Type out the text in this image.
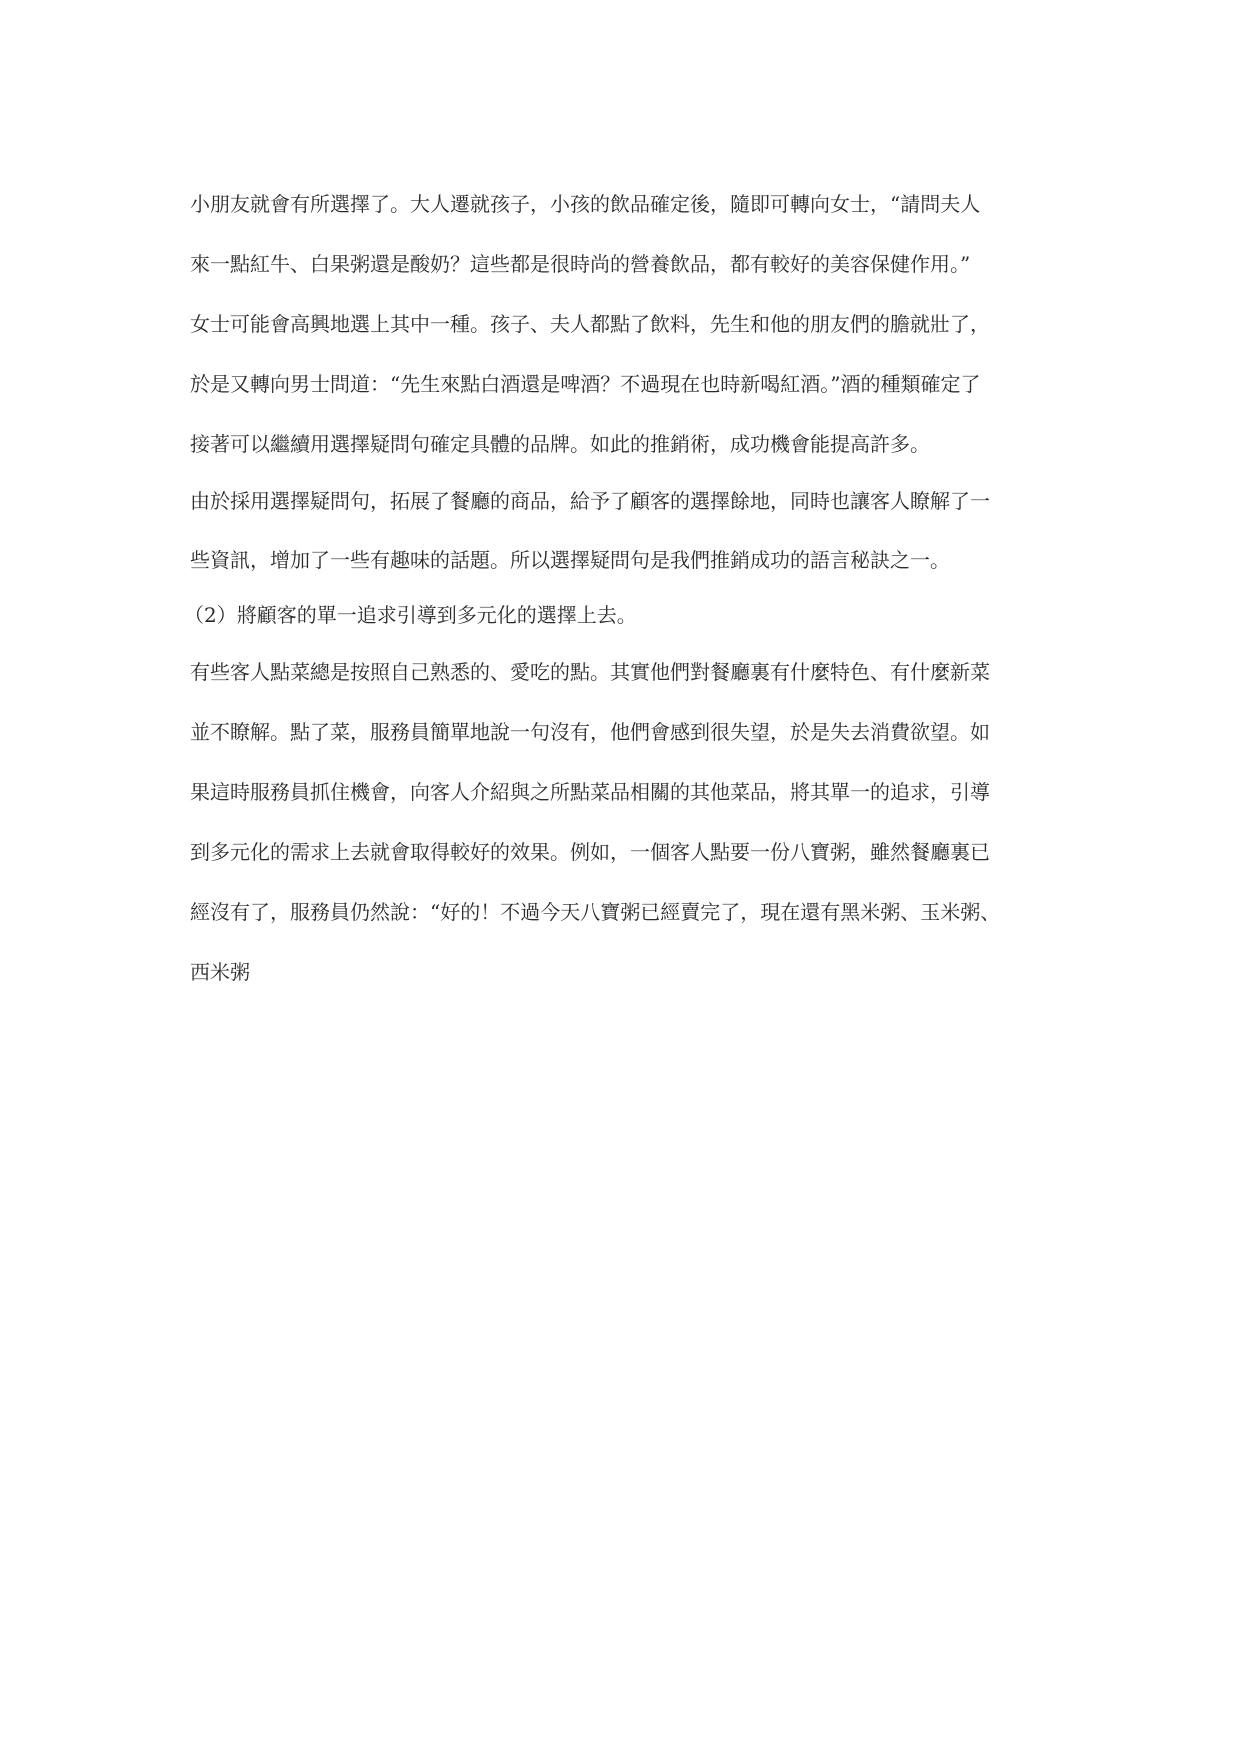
小朋友就會有所選擇了。大人遷就孩子，小孩的飲品確定後，隨即可轉向女士，“請問夫人
來一點紅牛、白果粥還是酸奶？這些都是很時尚的營養飲品，都有較好的美容保健作用。”
女士可能會高興地選上其中一種。孩子、夫人都點了飲料，先生和他的朋友們的膽就壯了，
於是又轉向男士問道：“先生來點白酒還是啤酒？不過現在也時新喝紅酒。”酒的種類確定了
接著可以繼續用選擇疑問句確定具體的品牌。如此的推銷術，成功機會能提高許多。
由於採用選擇疑問句，拓展了餐廳的商品，給予了顧客的選擇餘地，同時也讓客人瞭解了一
些資訊，增加了一些有趣味的話題。所以選擇疑問句是我們推銷成功的語言秘訣之一。
（2）將顧客的單一追求引導到多元化的選擇上去。
有些客人點菜總是按照自己熟悉的、愛吃的點。其實他們對餐廳裏有什麼特色、有什麼新菜
並不瞭解。點了菜，服務員簡單地說一句沒有，他們會感到很失望，於是失去消費欲望。如
果這時服務員抓住機會，向客人介紹與之所點菜品相關的其他菜品，將其單一的追求，引導
到多元化的需求上去就會取得較好的效果。例如，一個客人點要一份八寶粥，雖然餐廳裏已
經沒有了，服務員仍然說：“好的！不過今天八寶粥已經賣完了，現在還有黑米粥、玉米粥、
西米粥
